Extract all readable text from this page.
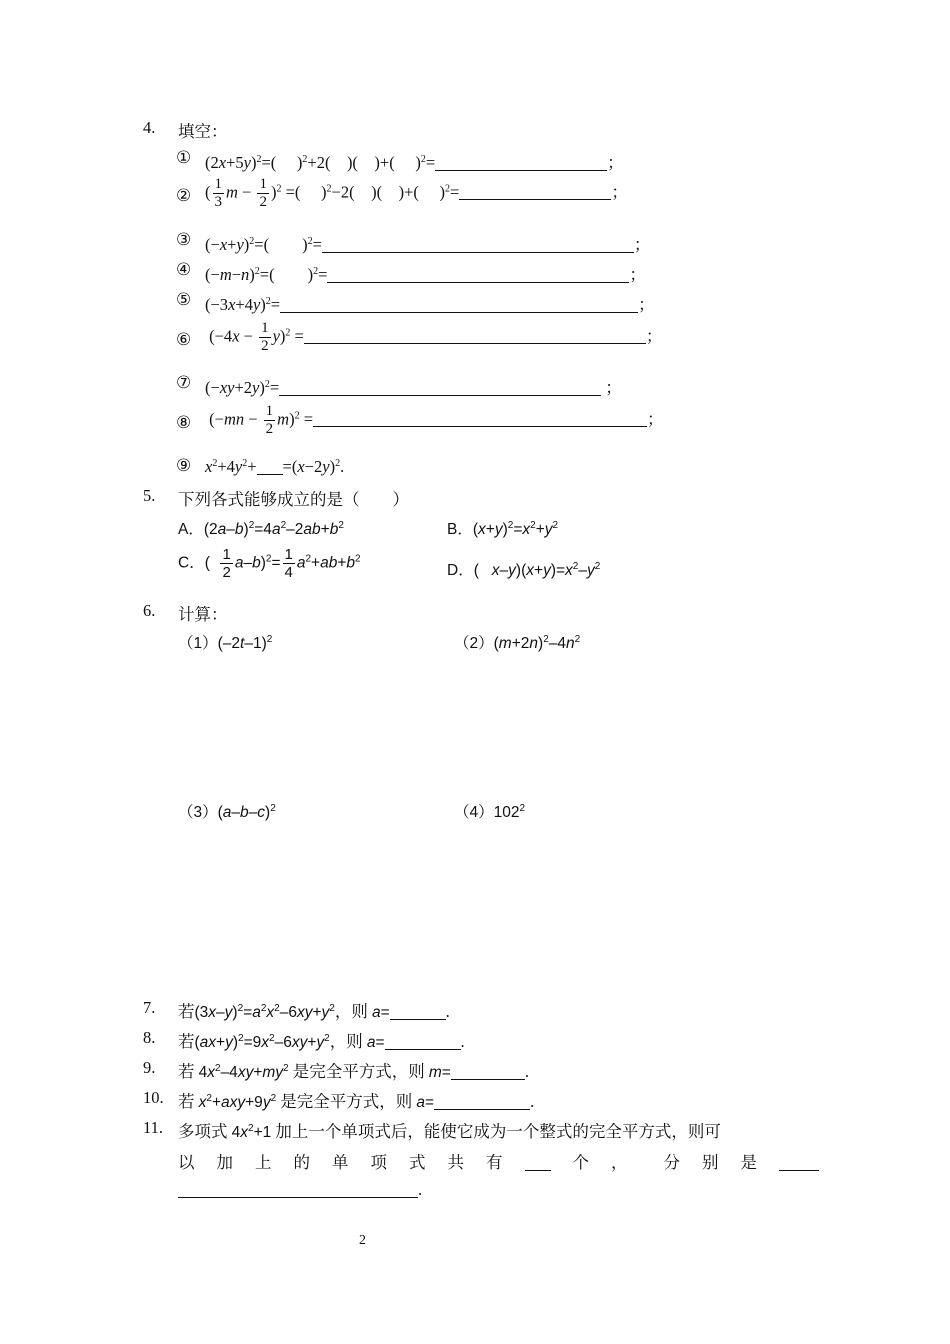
4. 填空：
① $(2x+5y)^2=$(  )$^2$+2( )( )+(  )$^2$=	；
② ( $\frac{1}{3}$ $m - \frac{1}{2} )^2$ =(  )$^2$−2( )( )+(  )$^2$=	；
③ $(-x+y)^2=$(  )$^2$=	；
④ $(-m-n)^2=$(  )$^2$=	；
⑤ $(-3x+4y)^2=$	；
⑥ $(-4x - \frac{1}{2} y)^2$ =	；
⑦ $(-xy+2y)^2=$	；
⑧ $(-mn - \frac{1}{2} m)^2$ =	；
⑨ $x^2+4y^2+ =(x-2y)^2$.
5. 下列各式能够成立的是（　　）
A．$(2a-b)^2=4a^2-2ab+b^2$	B．$(x+y)^2=x^2+y^2$
C．( $\frac{1}{2} a-b)^2= \frac{1}{4} a^2+ab+b^2$
D．(   $x-y)(x+y)=x^2-y^2$
6. 计算：
$(1)(-2t-1)^2$	$(2)(m+2n)^2-4n^2$
$(3)(a-b-c)^2$	$(4)102^2$
7. 若$(3x-y)^2=a^2x^2-6xy+y^2$，则 a=	.
8. 若$(ax+y)^2=9x^2-6xy+y^2$，则 a=	.
9. 若 $4x^2-4xy+my^2$ 是完全平方式，则 m=	.
10. 若 $x^2+axy+9y^2$ 是完全平方式，则 a=	.
11. 多项式 $4x^2+1$ 加上一个单项式后，能使它成为一个整式的完全平方式，则可
以加上的单项式共有	个， 分别是
.
2
